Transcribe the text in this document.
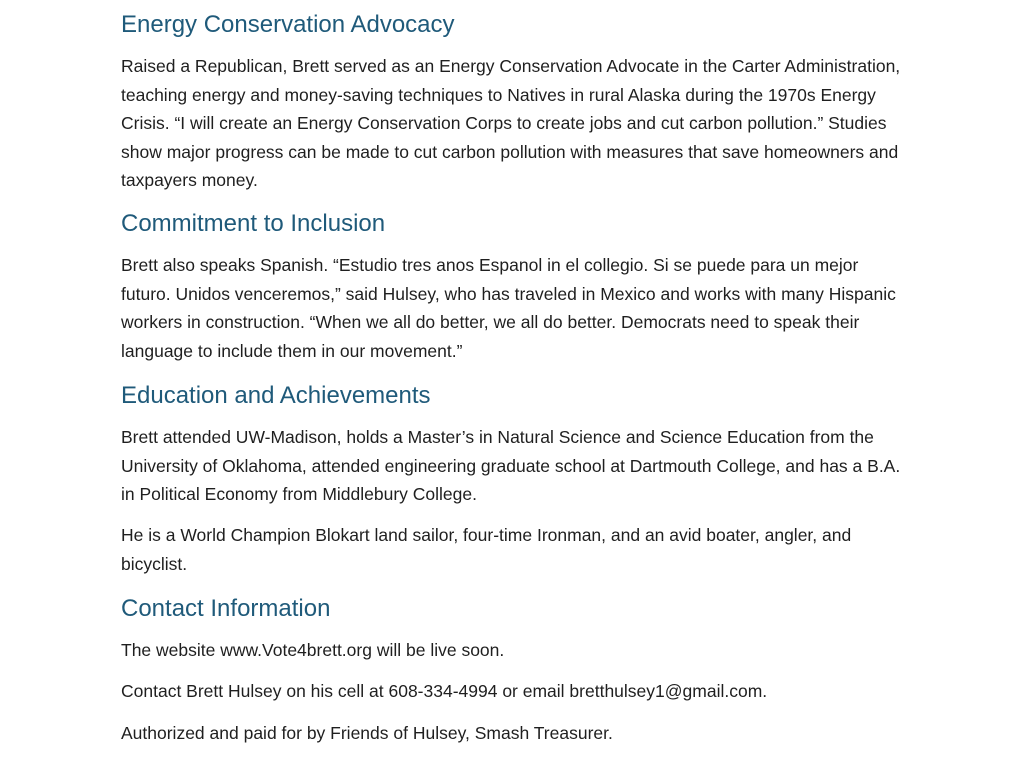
Energy Conservation Advocacy

Raised a Republican, Brett served as an Energy Conservation Advocate in the Carter Administration, teaching energy and money-saving techniques to Natives in rural Alaska during the 1970s Energy Crisis. “I will create an Energy Conservation Corps to create jobs and cut carbon pollution.” Studies show major progress can be made to cut carbon pollution with measures that save homeowners and taxpayers money.

Commitment to Inclusion

Brett also speaks Spanish. “Estudio tres anos Espanol in el collegio. Si se puede para un mejor futuro. Unidos venceremos,” said Hulsey, who has traveled in Mexico and works with many Hispanic workers in construction. “When we all do better, we all do better. Democrats need to speak their language to include them in our movement.”

Education and Achievements

Brett attended UW-Madison, holds a Master’s in Natural Science and Science Education from the University of Oklahoma, attended engineering graduate school at Dartmouth College, and has a B.A. in Political Economy from Middlebury College.

He is a World Champion Blokart land sailor, four-time Ironman, and an avid boater, angler, and bicyclist.

Contact Information

The website www.Vote4brett.org will be live soon.

Contact Brett Hulsey on his cell at 608-334-4994 or email bretthulsey1@gmail.com.

Authorized and paid for by Friends of Hulsey, Smash Treasurer.
